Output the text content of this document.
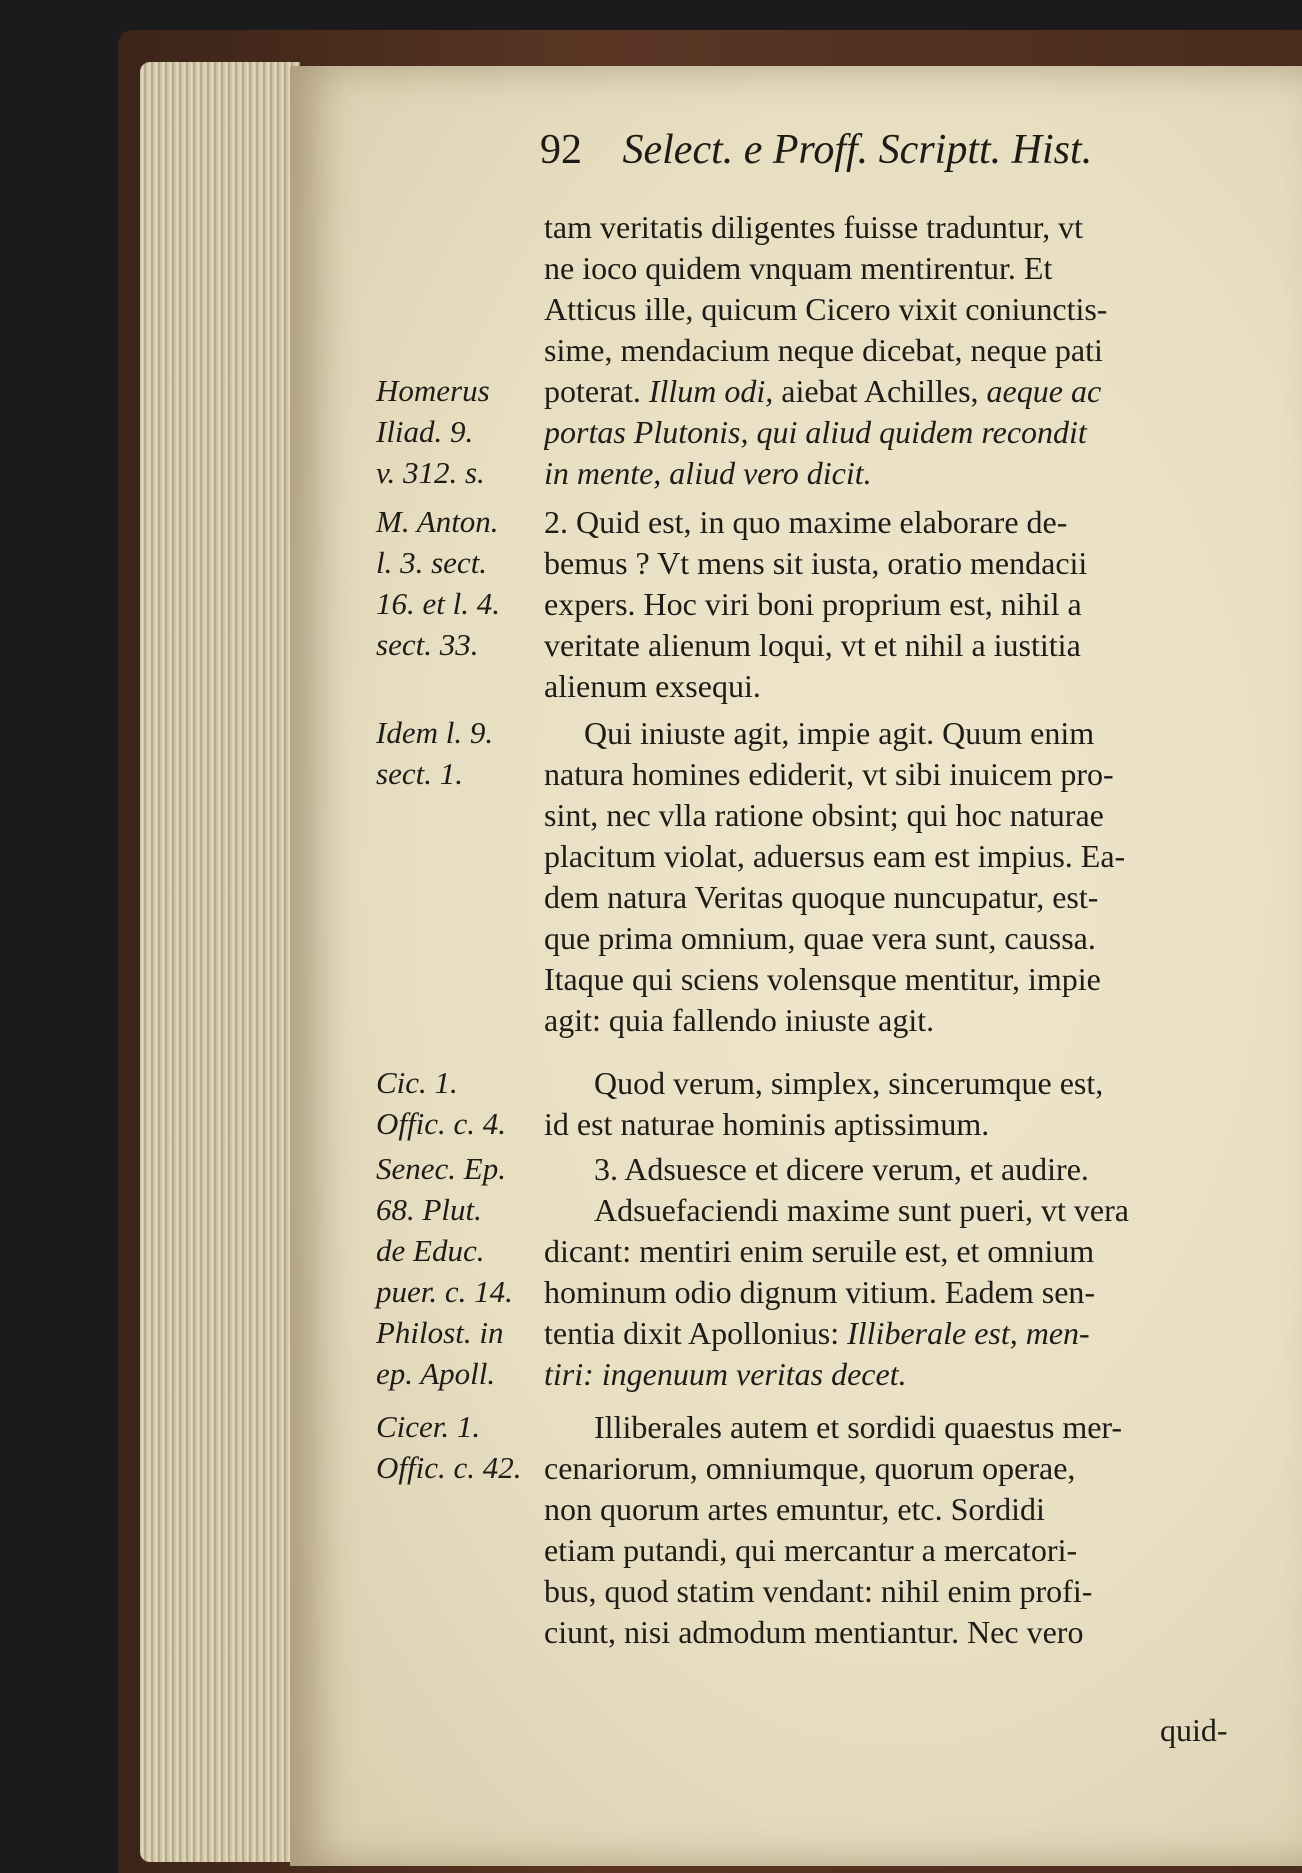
92 Select. e Proff. Scriptt. Hist.
tam veritatis diligentes fuisse traduntur, vt
ne ioco quidem vnquam mentirentur. Et
Atticus ille, quicum Cicero vixit coniunctis-
sime, mendacium neque dicebat, neque pati
poterat. Illum odi, aiebat Achilles, aeque ac
portas Plutonis, qui aliud quidem recondit
in mente, aliud vero dicit.
2. Quid est, in quo maxime elaborare de-
bemus ? Vt mens sit iusta, oratio mendacii
expers. Hoc viri boni proprium est, nihil a
veritate alienum loqui, vt et nihil a iustitia
alienum exsequi.
Qui iniuste agit, impie agit. Quum enim
natura homines ediderit, vt sibi inuicem pro-
sint, nec vlla ratione obsint; qui hoc naturae
placitum violat, aduersus eam est impius. Ea-
dem natura Veritas quoque nuncupatur, est-
que prima omnium, quae vera sunt, caussa.
Itaque qui sciens volensque mentitur, impie
agit: quia fallendo iniuste agit.
Quod verum, simplex, sincerumque est,
id est naturae hominis aptissimum.
3. Adsuesce et dicere verum, et audire.
Adsuefaciendi maxime sunt pueri, vt vera
dicant: mentiri enim seruile est, et omnium
hominum odio dignum vitium. Eadem sen-
tentia dixit Apollonius: Illiberale est, men-
tiri: ingenuum veritas decet.
Illiberales autem et sordidi quaestus mer-
cenariorum, omniumque, quorum operae,
non quorum artes emuntur, etc. Sordidi
etiam putandi, qui mercantur a mercatori-
bus, quod statim vendant: nihil enim profi-
ciunt, nisi admodum mentiantur. Nec vero
quid-
Homerus
Iliad. 9.
v. 312. s.
M. Anton.
l. 3. sect.
16. et l. 4.
sect. 33.
Idem l. 9.
sect. 1.
Cic. 1.
Offic. c. 4.
Senec. Ep.
68. Plut.
de Educ.
puer. c. 14.
Philost. in
ep. Apoll.
Cicer. 1.
Offic. c. 42.
